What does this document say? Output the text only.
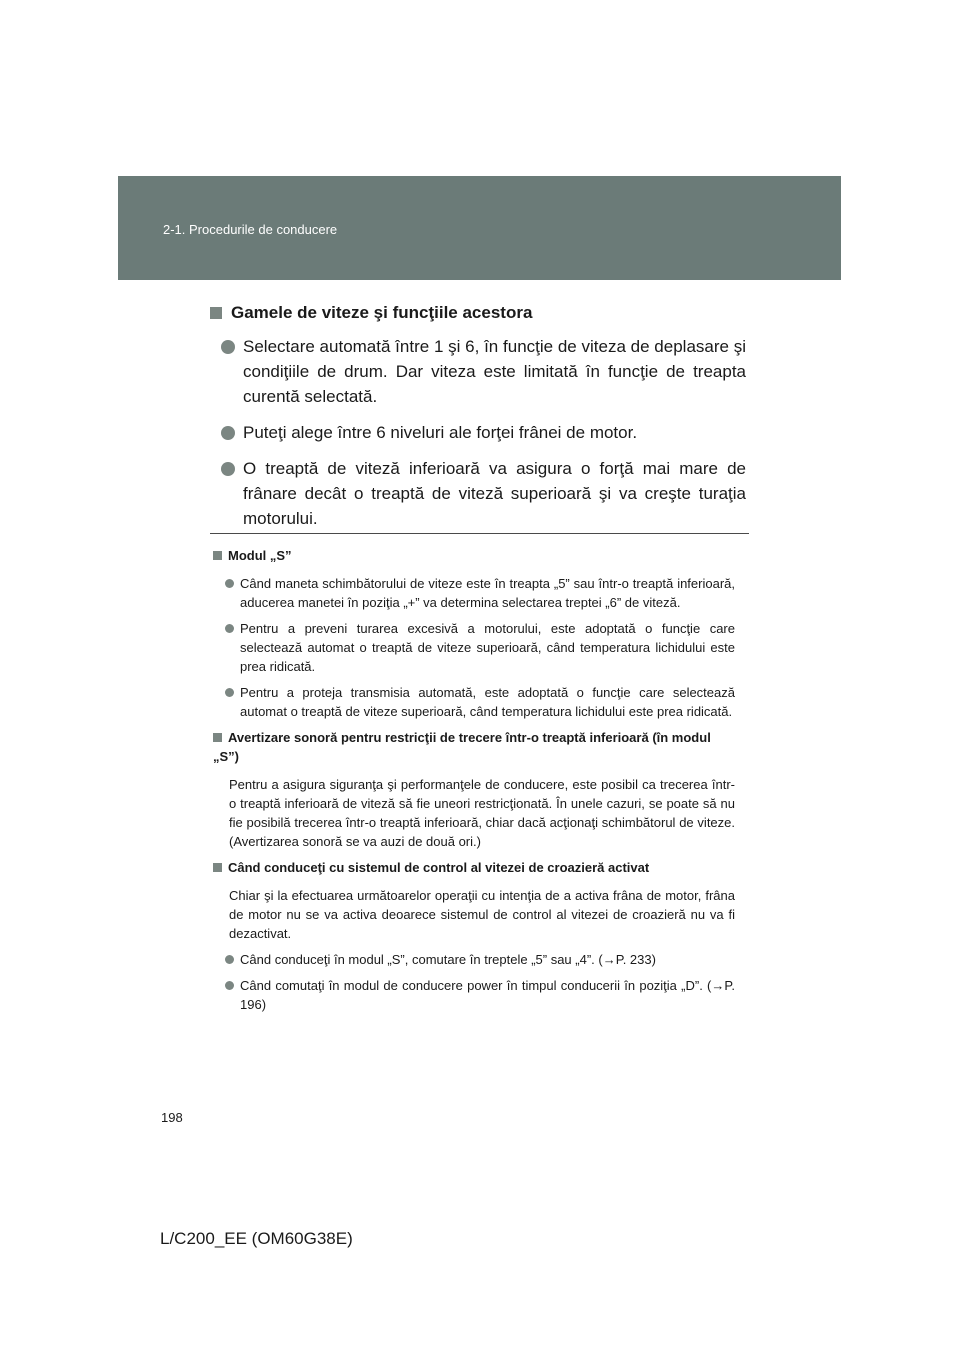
2-1. Procedurile de conducere
Gamele de viteze şi funcţiile acestora
Selectare automată între 1 şi 6, în funcţie de viteza de deplasare şi condiţiile de drum. Dar viteza este limitată în funcţie de treapta curentă selectată.
Puteţi alege între 6 niveluri ale forţei frânei de motor.
O treaptă de viteză inferioară va asigura o forţă mai mare de frânare decât o treaptă de viteză superioară şi va creşte turaţia motorului.
Modul „S”
Când maneta schimbătorului de viteze este în treapta „5” sau într-o treaptă inferioară, aducerea manetei în poziţia „+” va determina selectarea treptei „6” de viteză.
Pentru a preveni turarea excesivă a motorului, este adoptată o funcţie care selectează automat o treaptă de viteze superioară, când temperatura lichidului este prea ridicată.
Pentru a proteja transmisia automată, este adoptată o funcţie care selectează automat o treaptă de viteze superioară, când temperatura lichidului este prea ridicată.
Avertizare sonoră pentru restricţii de trecere într-o treaptă inferioară (în modul „S”)
Pentru a asigura siguranţa şi performanţele de conducere, este posibil ca trecerea într-o treaptă inferioară de viteză să fie uneori restricţionată. În unele cazuri, se poate să nu fie posibilă trecerea într-o treaptă inferioară, chiar dacă acţionaţi schimbătorul de viteze. (Avertizarea sonoră se va auzi de două ori.)
Când conduceţi cu sistemul de control al vitezei de croazieră activat
Chiar şi la efectuarea următoarelor operaţii cu intenţia de a activa frâna de motor, frâna de motor nu se va activa deoarece sistemul de control al vitezei de croazieră nu va fi dezactivat.
Când conduceţi în modul „S”, comutare în treptele „5” sau „4”. (→P. 233)
Când comutaţi în modul de conducere power în timpul conducerii în poziţia „D”. (→P. 196)
198
L/C200_EE (OM60G38E)
